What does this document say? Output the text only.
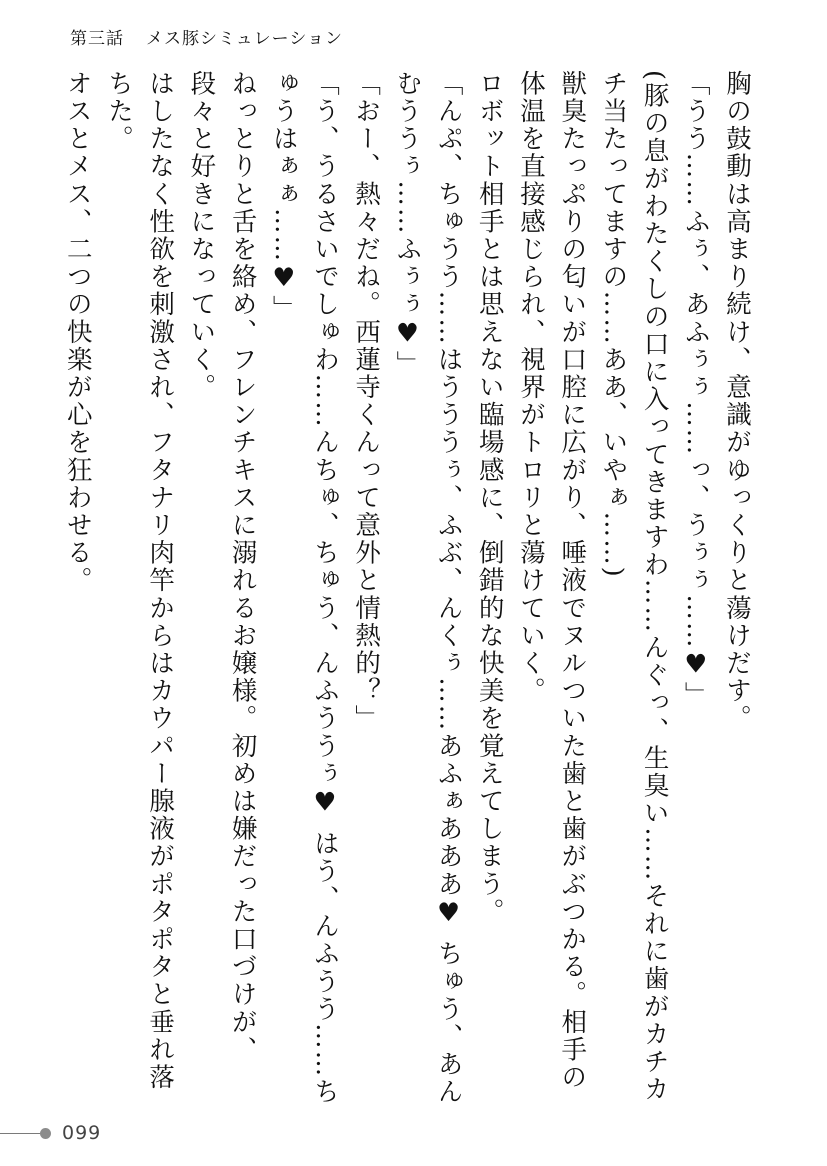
第三話 メス豚シミュレーション

胸の鼓動は高まり続け、意識がゆっくりと蕩けだす。

「うう……ふぅ、あふぅぅ……っ、うぅぅ……♥」

(豚の息がわたくしの口に入ってきますわ……んぐっ、生臭い……それに歯がカチカチ当たってますの……ああ、いやぁ……)

獣臭たっぷりの匂いが口腔に広がり、唾液でヌルついた歯と歯がぶつかる。相手の体温を直接感じられ、視界がトロリと蕩けていく。

ロボット相手とは思えない臨場感に、倒錯的な快美を覚えてしまう。

「んぷ、ちゅうう……はうううぅ、ふぶ、んくぅ……あふぁあああ♥ ちゅう、あんむううぅ……ふぅぅ♥」

「おー、熱々だね。西蓮寺くんって意外と情熱的？」

「う、うるさいでしゅわ……んちゅ、ちゅう、んふううぅ♥ はう、んふうう……ちゅうはぁぁ……♥」

ねっとりと舌を絡め、フレンチキスに溺れるお嬢様。初めは嫌だった口づけが、段々と好きになっていく。

はしたなく性欲を刺激され、フタナリ肉竿からはカウパー腺液がポタポタと垂れ落ちた。

オスとメス、二つの快楽が心を狂わせる。

099
